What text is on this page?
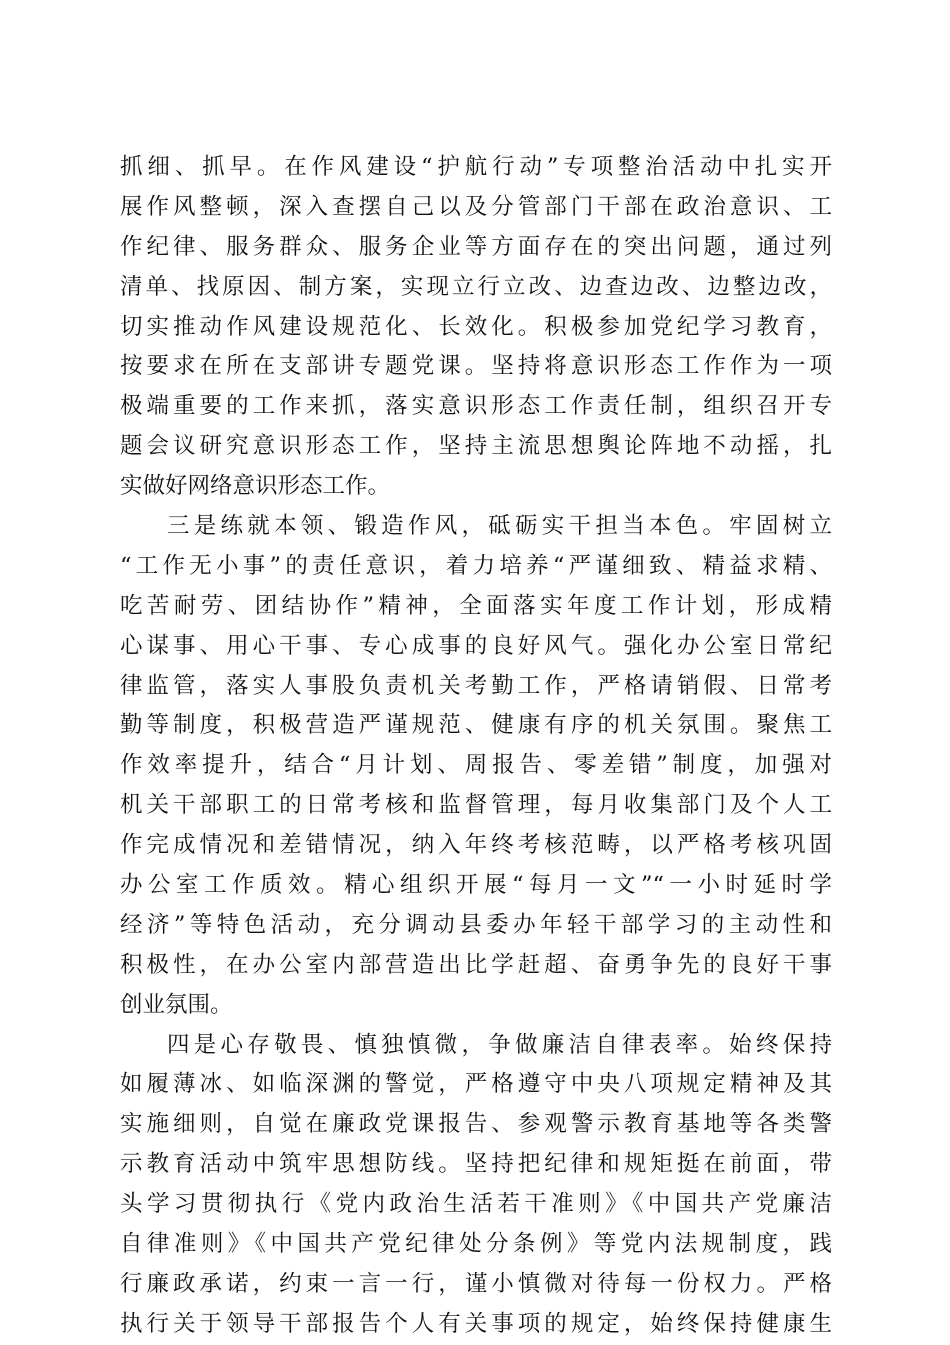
抓细、抓早。在作风建设“护航行动”专项整治活动中扎实开
展作风整顿，深入查摆自己以及分管部门干部在政治意识、工
作纪律、服务群众、服务企业等方面存在的突出问题，通过列
清单、找原因、制方案，实现立行立改、边查边改、边整边改，
切实推动作风建设规范化、长效化。积极参加党纪学习教育，
按要求在所在支部讲专题党课。坚持将意识形态工作作为一项
极端重要的工作来抓，落实意识形态工作责任制，组织召开专
题会议研究意识形态工作，坚持主流思想舆论阵地不动摇，扎
实做好网络意识形态工作。
三是练就本领、锻造作风，砥砺实干担当本色。牢固树立
“工作无小事”的责任意识，着力培养“严谨细致、精益求精、
吃苦耐劳、团结协作”精神，全面落实年度工作计划，形成精
心谋事、用心干事、专心成事的良好风气。强化办公室日常纪
律监管，落实人事股负责机关考勤工作，严格请销假、日常考
勤等制度，积极营造严谨规范、健康有序的机关氛围。聚焦工
作效率提升，结合“月计划、周报告、零差错”制度，加强对
机关干部职工的日常考核和监督管理，每月收集部门及个人工
作完成情况和差错情况，纳入年终考核范畴，以严格考核巩固
办公室工作质效。精心组织开展“每月一文”“一小时延时学
经济”等特色活动，充分调动县委办年轻干部学习的主动性和
积极性，在办公室内部营造出比学赶超、奋勇争先的良好干事
创业氛围。
四是心存敬畏、慎独慎微，争做廉洁自律表率。始终保持
如履薄冰、如临深渊的警觉，严格遵守中央八项规定精神及其
实施细则，自觉在廉政党课报告、参观警示教育基地等各类警
示教育活动中筑牢思想防线。坚持把纪律和规矩挺在前面，带
头学习贯彻执行《党内政治生活若干准则》《中国共产党廉洁
自律准则》《中国共产党纪律处分条例》等党内法规制度，践
行廉政承诺，约束一言一行，谨小慎微对待每一份权力。严格
执行关于领导干部报告个人有关事项的规定，始终保持健康生
